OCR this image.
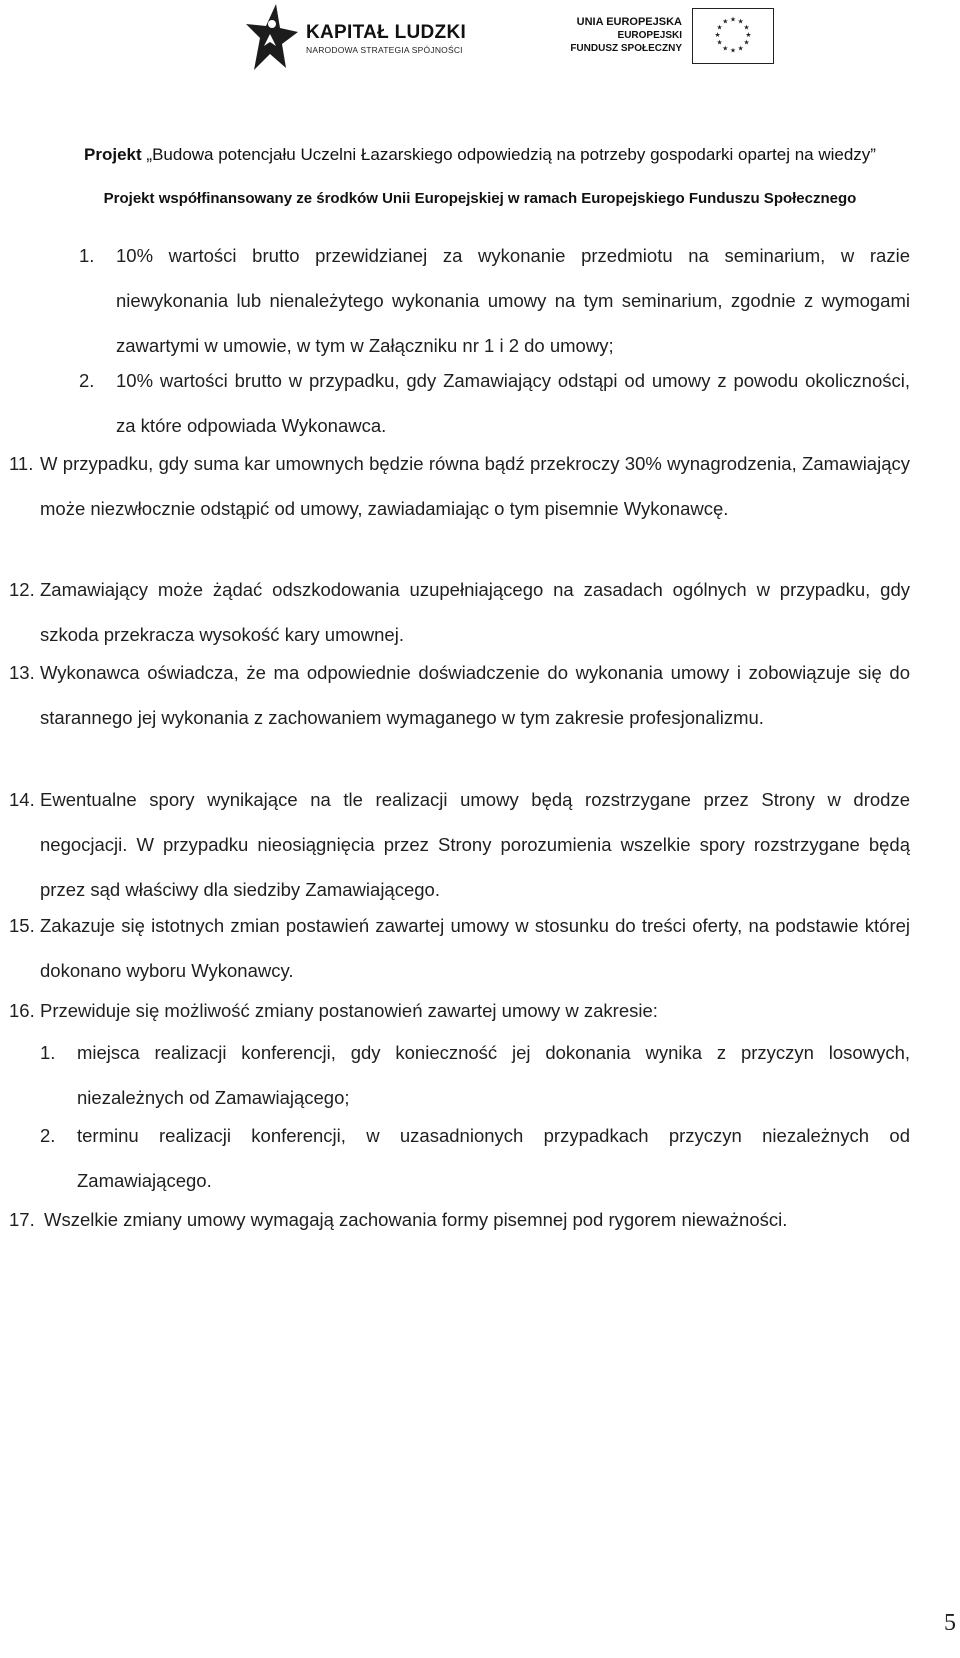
KAPITAŁ LUDZKI
NARODOWA STRATEGIA SPÓJNOŚCI
UNIA EUROPEJSKA
EUROPEJSKI
FUNDUSZ SPOŁECZNY
★ ★
★
★
★
★
★
★
★
★
★
★
Projekt „Budowa potencjału Uczelni Łazarskiego odpowiedzią na potrzeby gospodarki opartej na wiedzy”
Projekt współfinansowany ze środków Unii Europejskiej w ramach Europejskiego Funduszu Społecznego
1. 10% wartości brutto przewidzianej za wykonanie przedmiotu na seminarium, w razie niewykonania lub nienależytego wykonania umowy na tym seminarium, zgodnie z wymogami zawartymi w umowie, w tym w Załączniku nr 1 i 2 do umowy;
2. 10% wartości brutto w przypadku, gdy Zamawiający odstąpi od umowy z powodu okoliczności, za które odpowiada Wykonawca.
11. W przypadku, gdy suma kar umownych będzie równa bądź przekroczy 30% wynagrodzenia, Zamawiający może niezwłocznie odstąpić od umowy, zawiadamiając o tym pisemnie Wykonawcę.
12. Zamawiający może żądać odszkodowania uzupełniającego na zasadach ogólnych w przypadku, gdy szkoda przekracza wysokość kary umownej.
13. Wykonawca oświadcza, że ma odpowiednie doświadczenie do wykonania umowy i zobowiązuje się do starannego jej wykonania z zachowaniem wymaganego w tym zakresie profesjonalizmu.
14. Ewentualne spory wynikające na tle realizacji umowy będą rozstrzygane przez Strony w drodze negocjacji. W przypadku nieosiągnięcia przez Strony porozumienia wszelkie spory rozstrzygane będą przez sąd właściwy dla siedziby Zamawiającego.
15. Zakazuje się istotnych zmian postawień zawartej umowy w stosunku do treści oferty, na podstawie której dokonano wyboru Wykonawcy.
16. Przewiduje się możliwość zmiany postanowień zawartej umowy w zakresie:
1. miejsca realizacji konferencji, gdy konieczność jej dokonania wynika z przyczyn losowych, niezależnych od Zamawiającego;
2. terminu realizacji konferencji, w uzasadnionych przypadkach przyczyn niezależnych od Zamawiającego.
17. Wszelkie zmiany umowy wymagają zachowania formy pisemnej pod rygorem nieważności.
5
